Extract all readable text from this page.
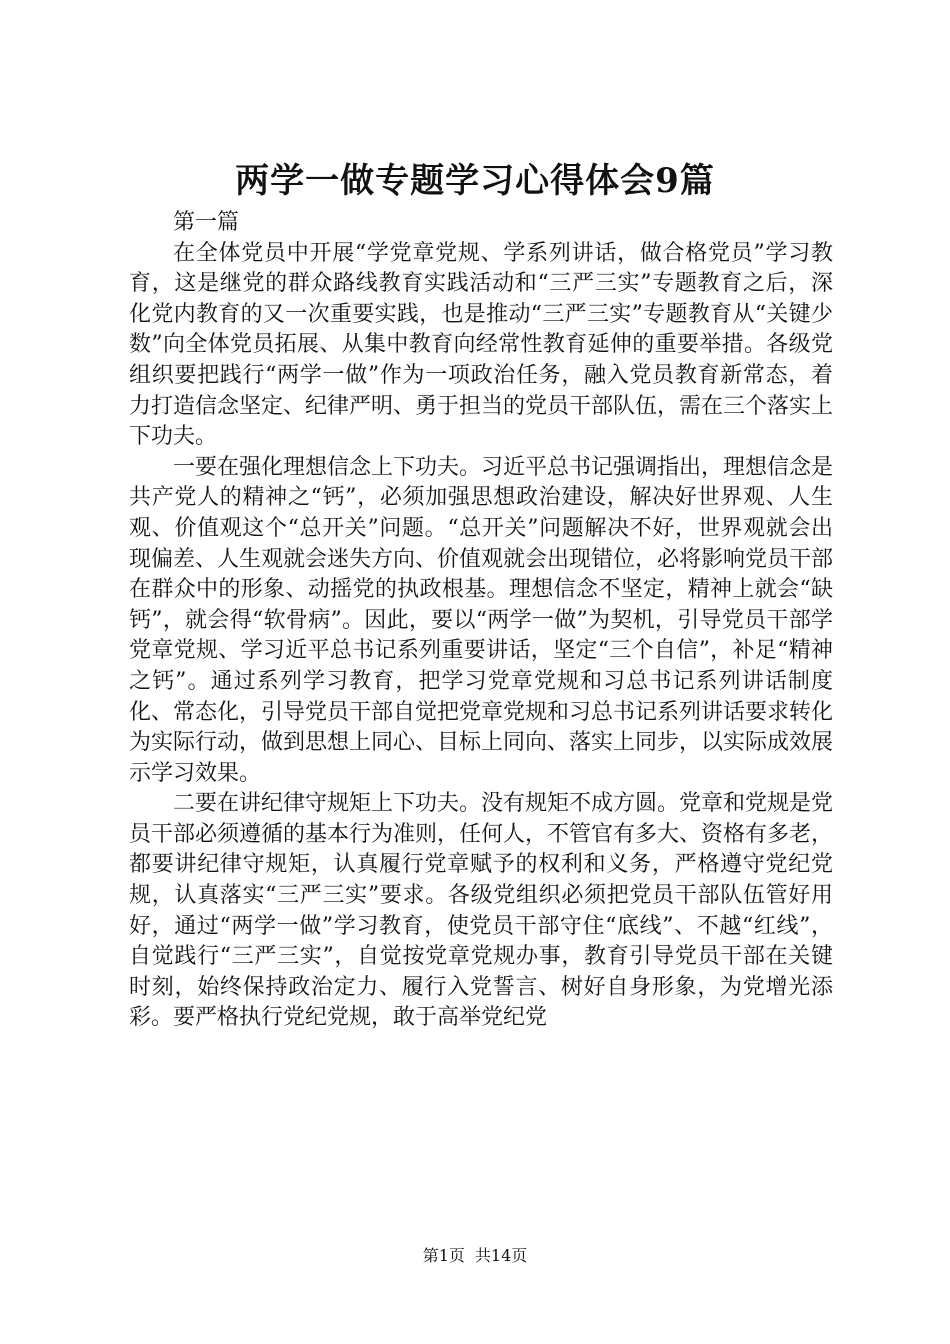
两学一做专题学习心得体会9篇

第一篇

在全体党员中开展“学党章党规、学系列讲话，做合格党员”学习教育，这是继党的群众路线教育实践活动和“三严三实”专题教育之后，深化党内教育的又一次重要实践，也是推动“三严三实”专题教育从“关键少数”向全体党员拓展、从集中教育向经常性教育延伸的重要举措。各级党组织要把践行“两学一做”作为一项政治任务，融入党员教育新常态，着力打造信念坚定、纪律严明、勇于担当的党员干部队伍，需在三个落实上下功夫。

一要在强化理想信念上下功夫。习近平总书记强调指出，理想信念是共产党人的精神之“钙”，必须加强思想政治建设，解决好世界观、人生观、价值观这个“总开关”问题。“总开关”问题解决不好，世界观就会出现偏差、人生观就会迷失方向、价值观就会出现错位，必将影响党员干部在群众中的形象、动摇党的执政根基。理想信念不坚定，精神上就会“缺钙”，就会得“软骨病”。因此，要以“两学一做”为契机，引导党员干部学党章党规、学习近平总书记系列重要讲话，坚定“三个自信”，补足“精神之钙”。通过系列学习教育，把学习党章党规和习总书记系列讲话制度化、常态化，引导党员干部自觉把党章党规和习总书记系列讲话要求转化为实际行动，做到思想上同心、目标上同向、落实上同步，以实际成效展示学习效果。

二要在讲纪律守规矩上下功夫。没有规矩不成方圆。党章和党规是党员干部必须遵循的基本行为准则，任何人，不管官有多大、资格有多老，都要讲纪律守规矩，认真履行党章赋予的权利和义务，严格遵守党纪党规，认真落实“三严三实”要求。各级党组织必须把党员干部队伍管好用好，通过“两学一做”学习教育，使党员干部守住“底线”、不越“红线”，自觉践行“三严三实”，自觉按党章党规办事，教育引导党员干部在关键时刻，始终保持政治定力、履行入党誓言、树好自身形象，为党增光添彩。要严格执行党纪党规，敢于高举党纪党

第1页 共14页
